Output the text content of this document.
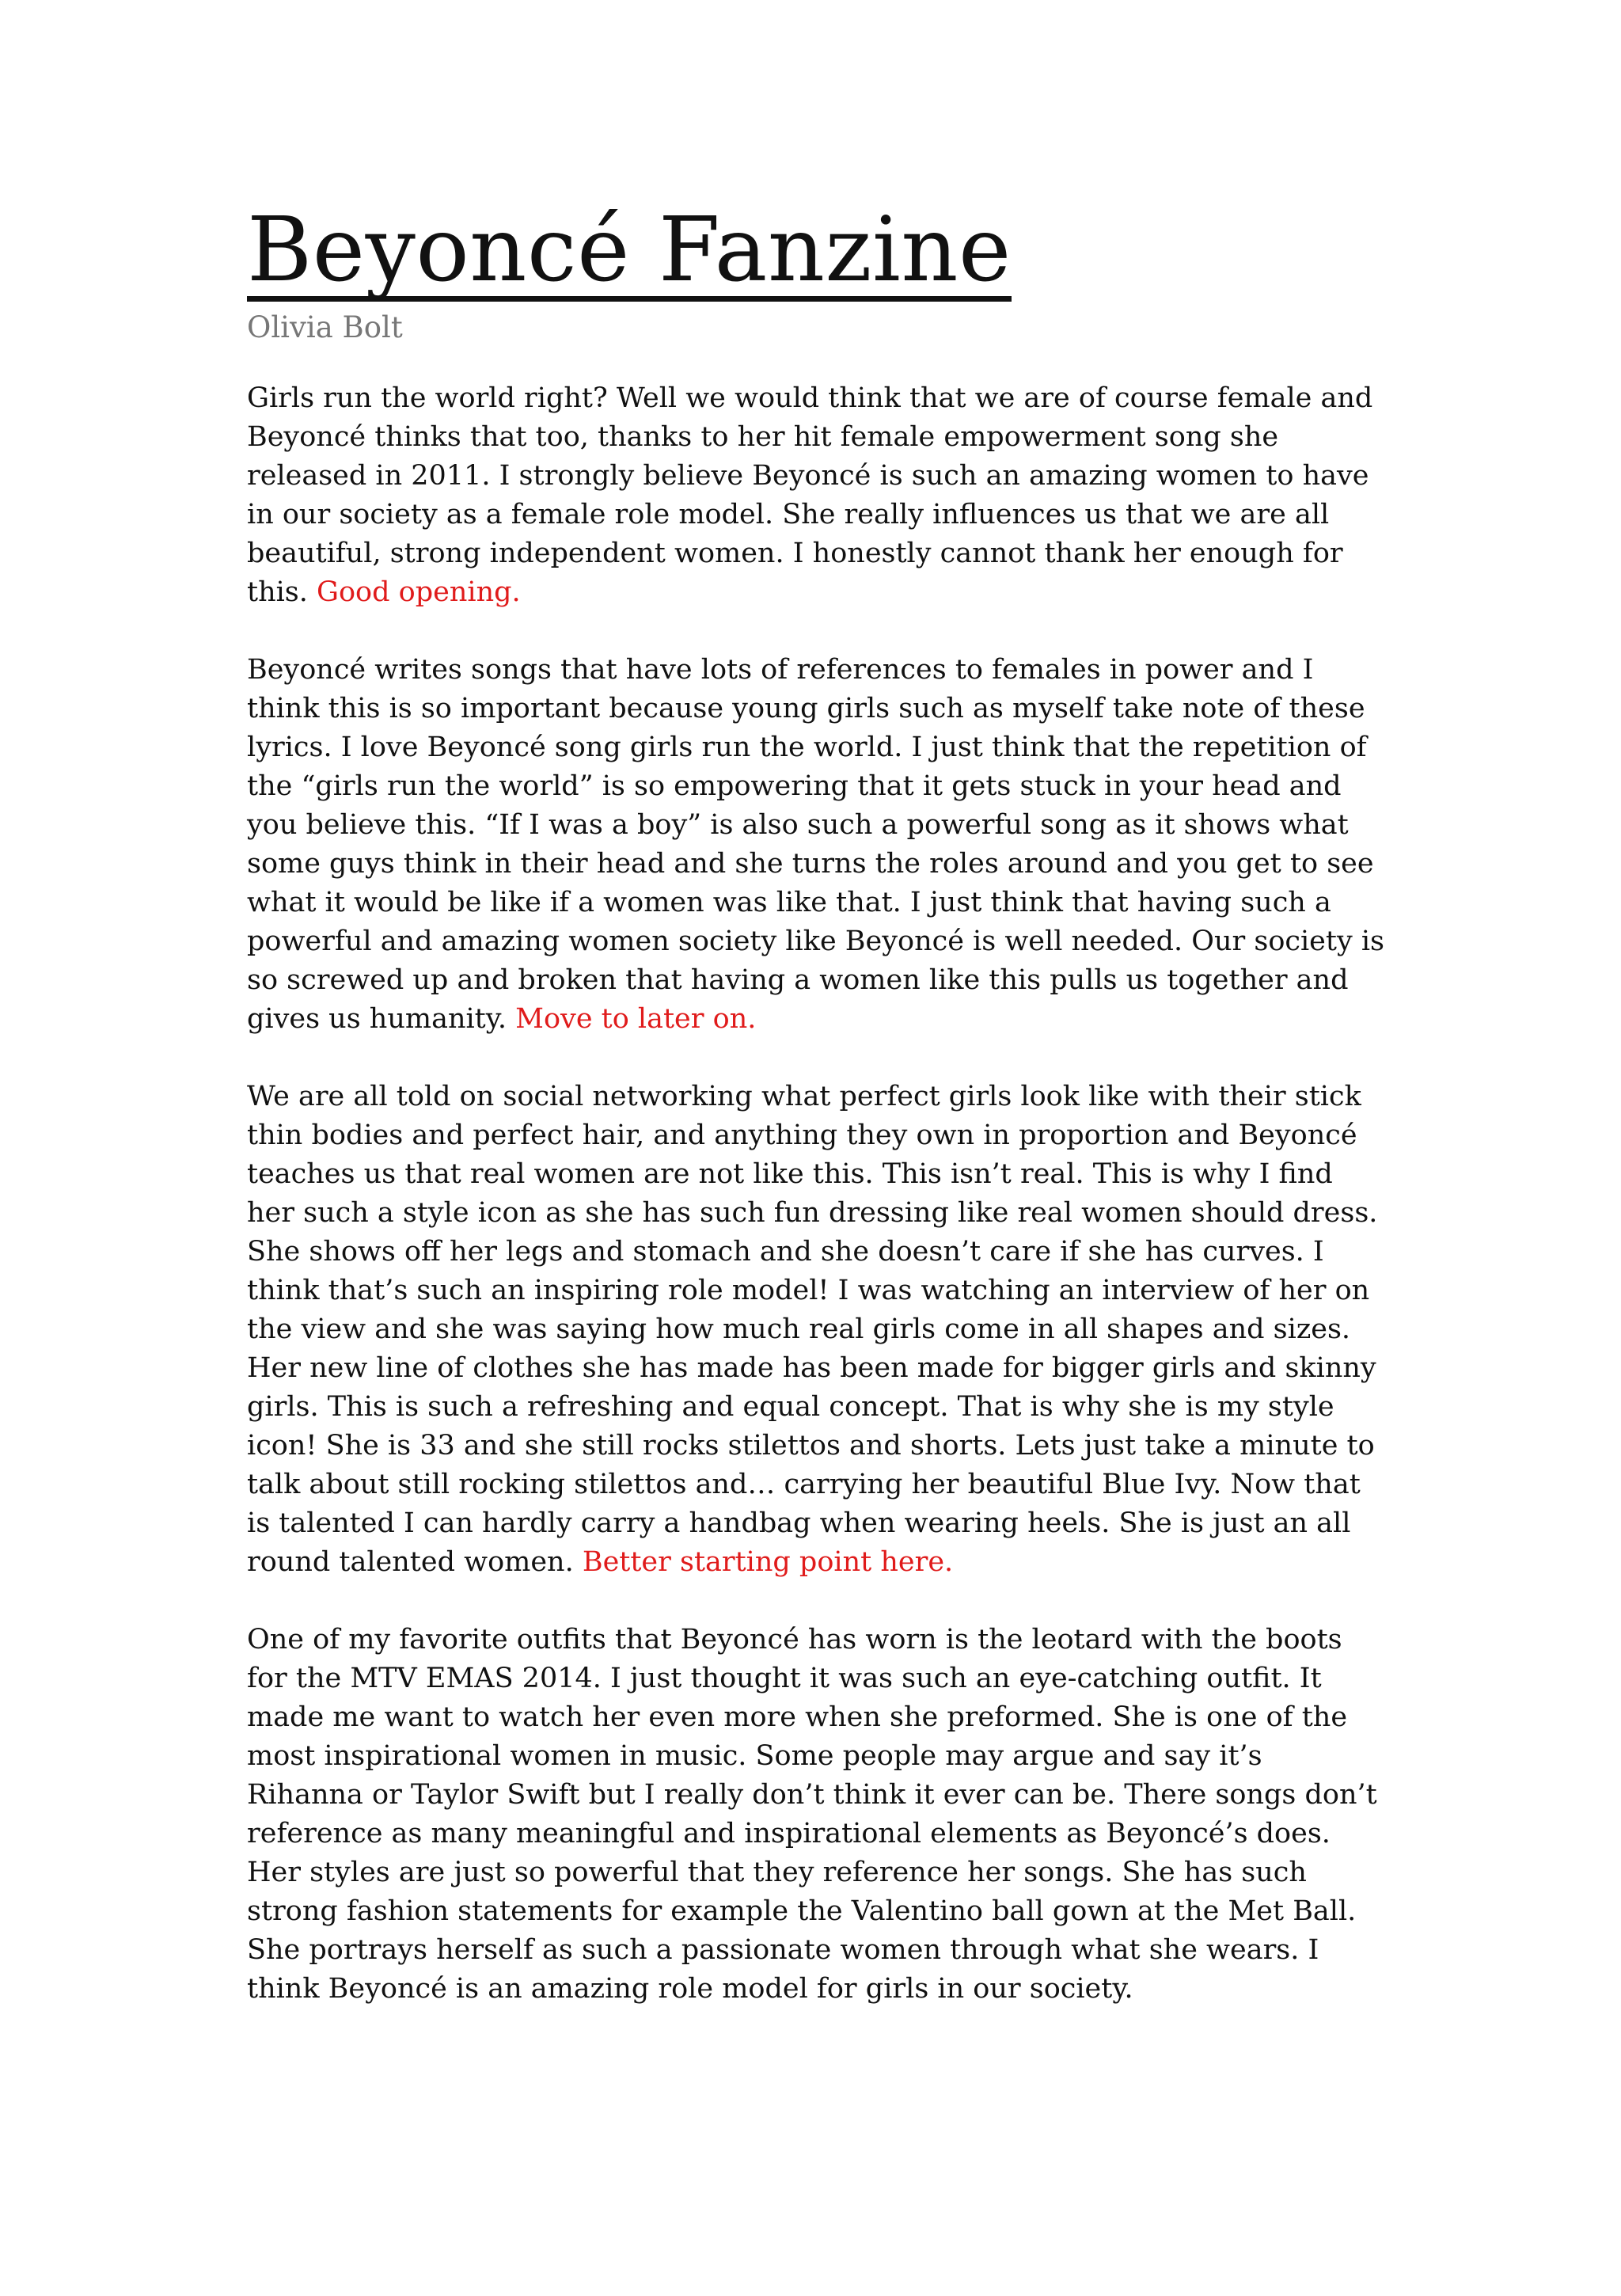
Beyoncé Fanzine
Olivia Bolt

Girls run the world right? Well we would think that we are of course female and Beyoncé thinks that too, thanks to her hit female empowerment song she released in 2011. I strongly believe Beyoncé is such an amazing women to have in our society as a female role model. She really influences us that we are all beautiful, strong independent women. I honestly cannot thank her enough for this. Good opening.

Beyoncé writes songs that have lots of references to females in power and I think this is so important because young girls such as myself take note of these lyrics. I love Beyoncé song girls run the world. I just think that the repetition of the “girls run the world” is so empowering that it gets stuck in your head and you believe this. “If I was a boy” is also such a powerful song as it shows what some guys think in their head and she turns the roles around and you get to see what it would be like if a women was like that. I just think that having such a powerful and amazing women society like Beyoncé is well needed. Our society is so screwed up and broken that having a women like this pulls us together and gives us humanity. Move to later on.

We are all told on social networking what perfect girls look like with their stick thin bodies and perfect hair, and anything they own in proportion and Beyoncé teaches us that real women are not like this. This isn’t real. This is why I find her such a style icon as she has such fun dressing like real women should dress. She shows off her legs and stomach and she doesn’t care if she has curves. I think that’s such an inspiring role model! I was watching an interview of her on the view and she was saying how much real girls come in all shapes and sizes. Her new line of clothes she has made has been made for bigger girls and skinny girls. This is such a refreshing and equal concept. That is why she is my style icon! She is 33 and she still rocks stilettos and shorts. Lets just take a minute to talk about still rocking stilettos and… carrying her beautiful Blue Ivy. Now that is talented I can hardly carry a handbag when wearing heels. She is just an all round talented women. Better starting point here.

One of my favorite outfits that Beyoncé has worn is the leotard with the boots for the MTV EMAS 2014. I just thought it was such an eye-catching outfit. It made me want to watch her even more when she preformed. She is one of the most inspirational women in music. Some people may argue and say it’s Rihanna or Taylor Swift but I really don’t think it ever can be. There songs don’t reference as many meaningful and inspirational elements as Beyoncé’s does. Her styles are just so powerful that they reference her songs. She has such strong fashion statements for example the Valentino ball gown at the Met Ball. She portrays herself as such a passionate women through what she wears. I think Beyoncé is an amazing role model for girls in our society.
